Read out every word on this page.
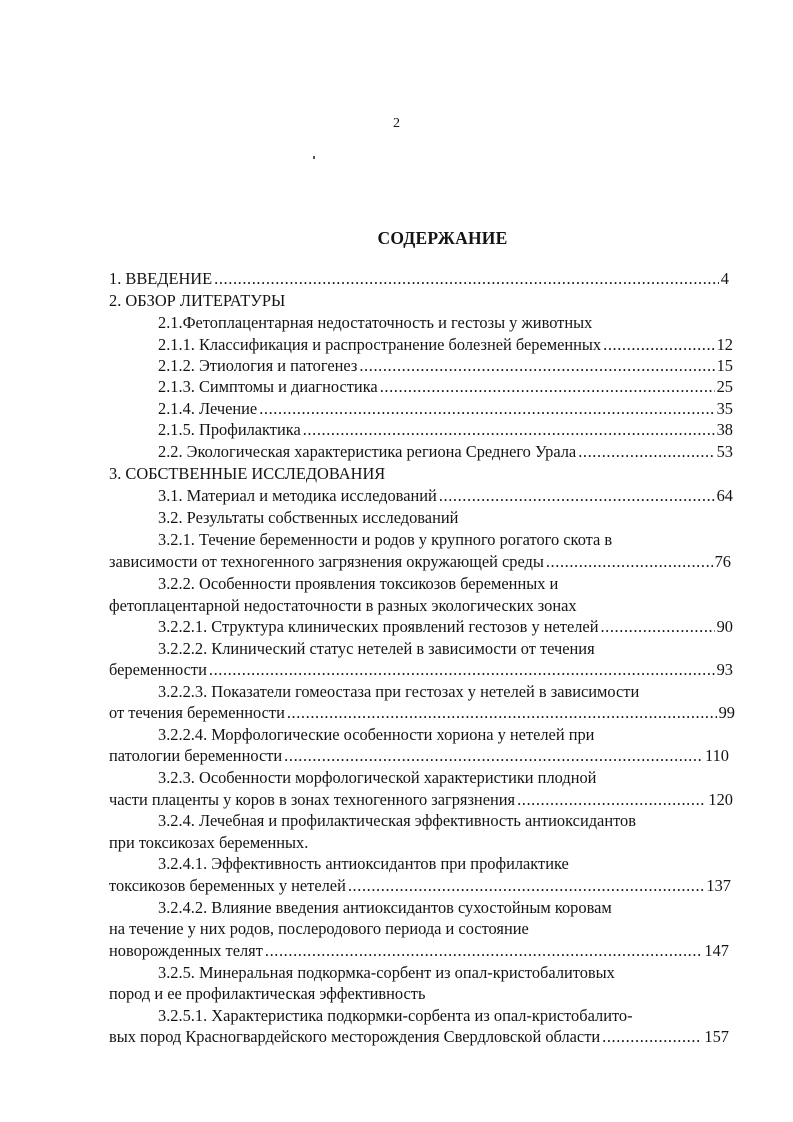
2
СОДЕРЖАНИЕ
1. ВВЕДЕНИЕ .....	4
2. ОБЗОР ЛИТЕРАТУРЫ
2.1.Фетоплацентарная недостаточность и гестозы у животных
2.1.1. Классификация и распространение болезней беременных .....	12
2.1.2. Этиология и патогенез .....	15
2.1.3. Симптомы и диагностика .....	25
2.1.4. Лечение .....	35
2.1.5. Профилактика .....	38
2.2. Экологическая характеристика региона Среднего Урала .....	53
3. СОБСТВЕННЫЕ ИССЛЕДОВАНИЯ
3.1. Материал и методика исследований .....	64
3.2. Результаты собственных исследований
3.2.1. Течение беременности и родов у крупного рогатого скота в
зависимости от техногенного загрязнения окружающей среды .....	76
3.2.2. Особенности проявления токсикозов беременных и
фетоплацентарной недостаточности в разных экологических зонах
3.2.2.1. Структура клинических проявлений гестозов у нетелей .....	90
3.2.2.2. Клинический статус нетелей в зависимости от течения
беременности .....	93
3.2.2.3. Показатели гомеостаза при гестозах у нетелей в зависимости
от течения беременности .....	99
3.2.2.4. Морфологические особенности хориона у нетелей при
патологии беременности .....	110
3.2.3. Особенности морфологической характеристики плодной
части плаценты у коров в зонах техногенного загрязнения .....	120
3.2.4. Лечебная и профилактическая эффективность антиоксидантов
при токсикозах беременных.
3.2.4.1. Эффективность антиоксидантов при профилактике
токсикозов беременных у нетелей .....	137
3.2.4.2. Влияние введения антиоксидантов сухостойным коровам
на течение у них родов, послеродового периода и состояние
новорожденных телят .....	147
3.2.5. Минеральная подкормка-сорбент из опал-кристобалитовых
пород и ее профилактическая эффективность
3.2.5.1. Характеристика подкормки-сорбента из опал-кристобалито-
вых пород Красногвардейского месторождения Свердловской области .....	157
